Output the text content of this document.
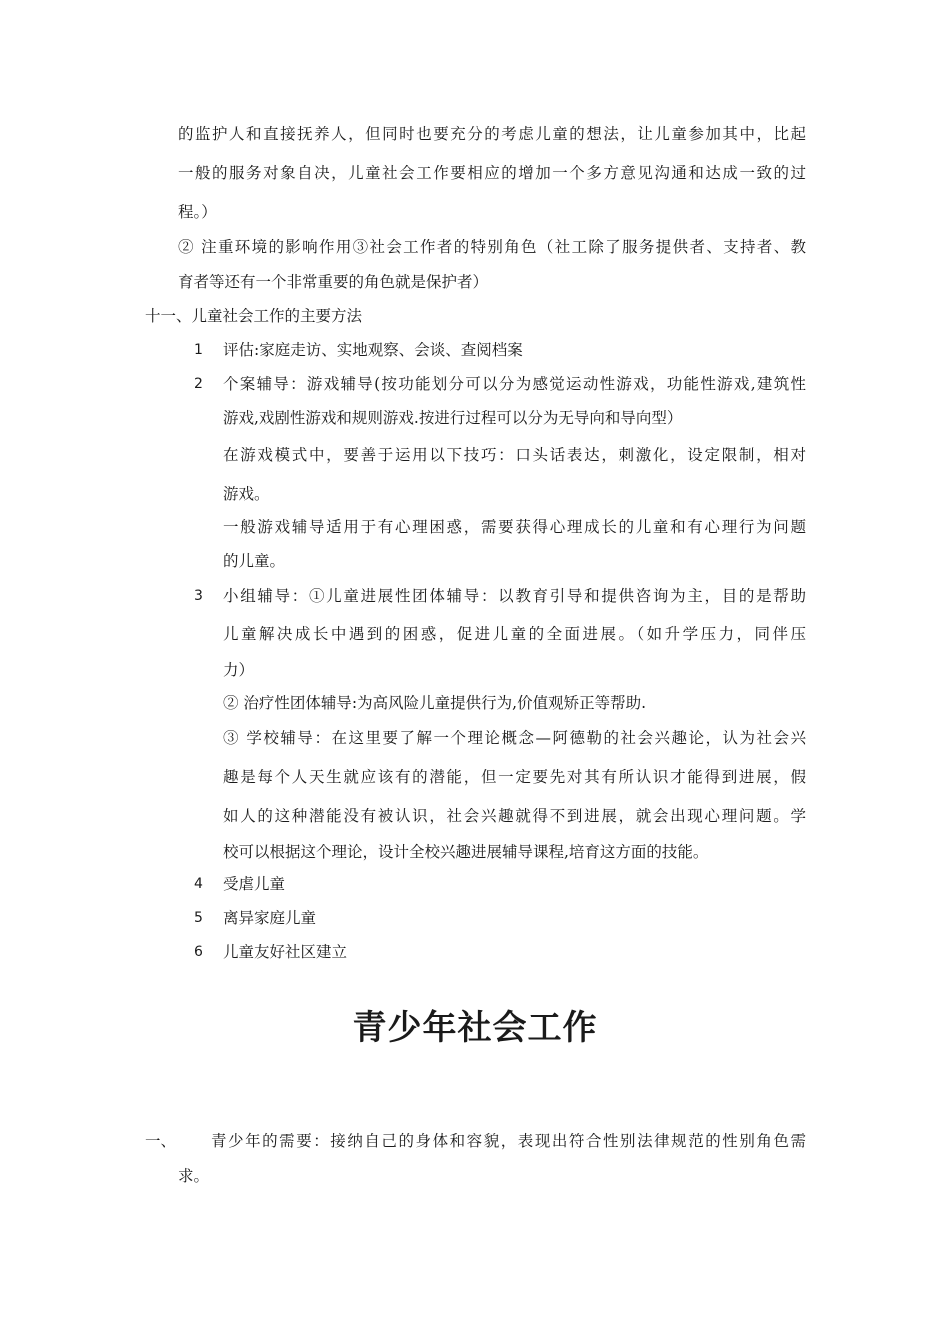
的监护人和直接抚养人，但同时也要充分的考虑儿童的想法，让儿童参加其中，比起
一般的服务对象自决，儿童社会工作要相应的增加一个多方意见沟通和达成一致的过
程。）
② 注重环境的影响作用③社会工作者的特别角色（社工除了服务提供者、支持者、教
育者等还有一个非常重要的角色就是保护者）
十一、儿童社会工作的主要方法
1 评估:家庭走访、实地观察、会谈、查阅档案
2 个案辅导：游戏辅导(按功能划分可以分为感觉运动性游戏，功能性游戏,建筑性
游戏,戏剧性游戏和规则游戏.按进行过程可以分为无导向和导向型）
在游戏模式中，要善于运用以下技巧：口头话表达，刺激化，设定限制，相对
游戏。
一般游戏辅导适用于有心理困惑，需要获得心理成长的儿童和有心理行为问题
的儿童。
3 小组辅导：①儿童进展性团体辅导：以教育引导和提供咨询为主，目的是帮助
儿童解决成长中遇到的困惑，促进儿童的全面进展。（如升学压力，同伴压
力）
② 治疗性团体辅导:为高风险儿童提供行为,价值观矫正等帮助.
③ 学校辅导：在这里要了解一个理论概念—阿德勒的社会兴趣论，认为社会兴
趣是每个人天生就应该有的潜能，但一定要先对其有所认识才能得到进展，假
如人的这种潜能没有被认识，社会兴趣就得不到进展，就会出现心理问题。学
校可以根据这个理论，设计全校兴趣进展辅导课程,培育这方面的技能。
4 受虐儿童
5 离异家庭儿童
6 儿童友好社区建立
青少年社会工作
一、 青少年的需要：接纳自己的身体和容貌，表现出符合性别法律规范的性别角色需
求。
